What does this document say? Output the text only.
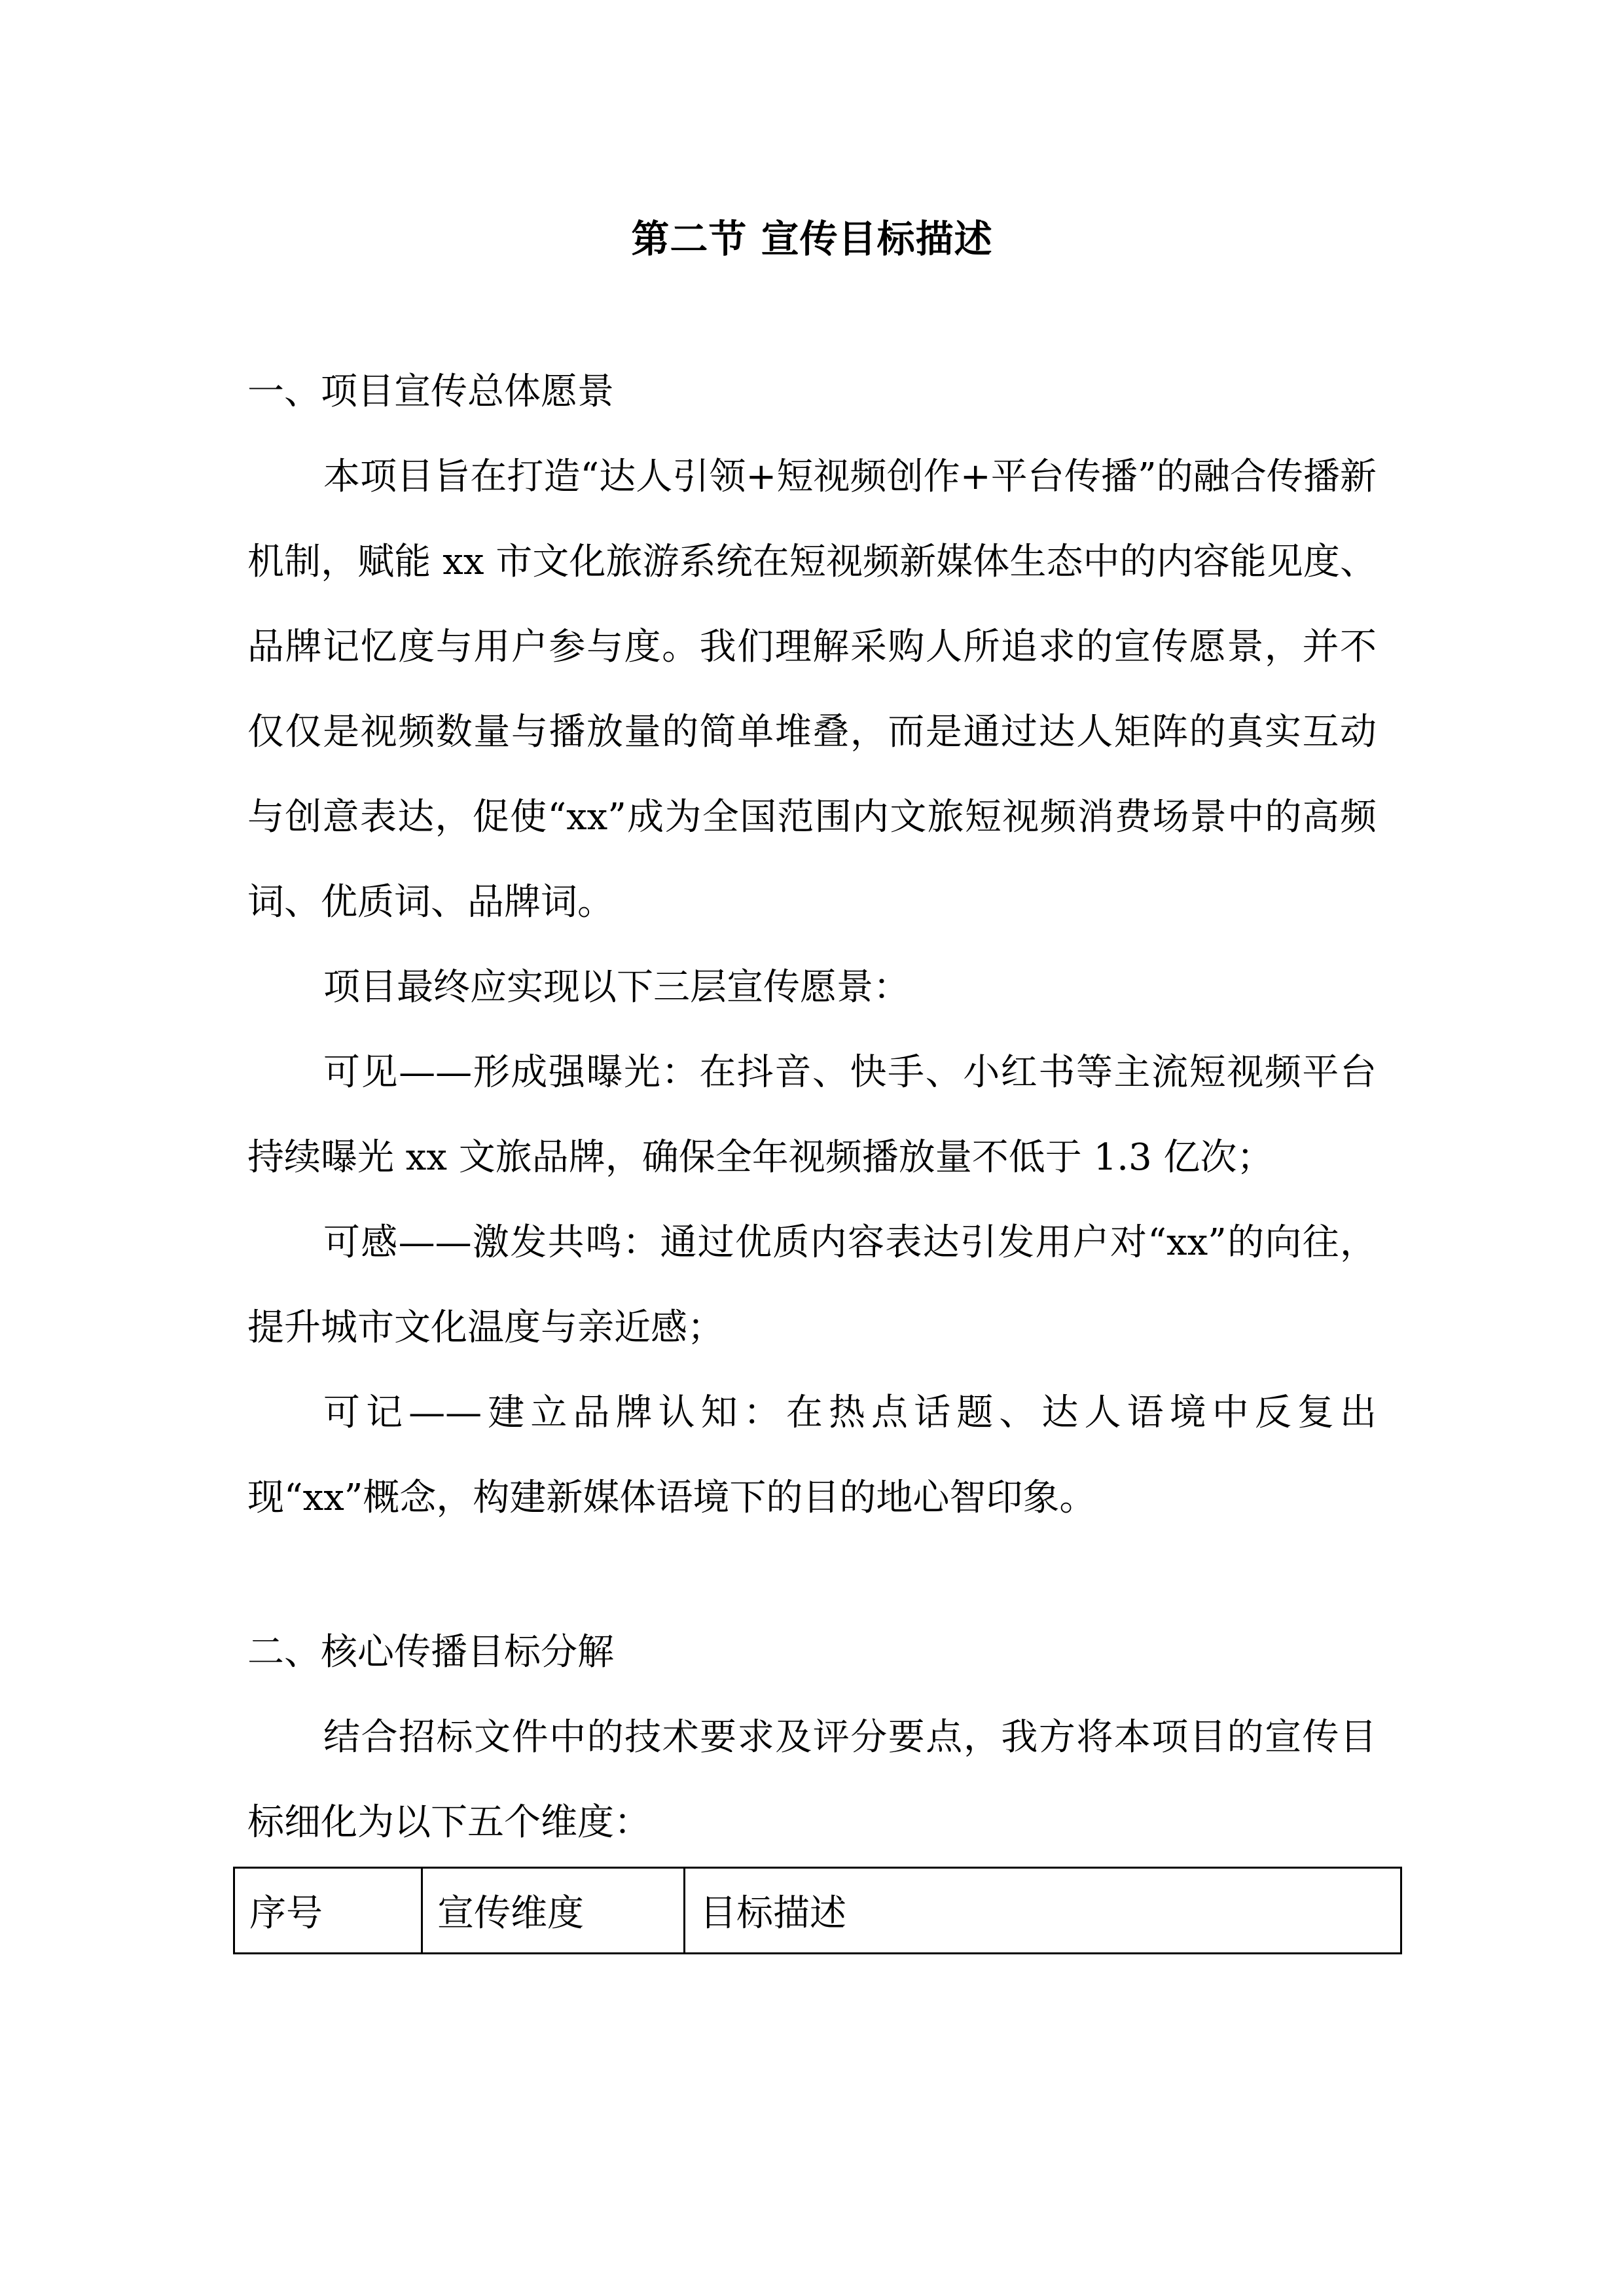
第二节 宣传目标描述
一、项目宣传总体愿景

本项目旨在打造“达人引领+短视频创作+平台传播”的融合传播新机制，赋能 xx 市文化旅游系统在短视频新媒体生态中的内容能见度、品牌记忆度与用户参与度。我们理解采购人所追求的宣传愿景，并不仅仅是视频数量与播放量的简单堆叠，而是通过达人矩阵的真实互动与创意表达，促使“xx”成为全国范围内文旅短视频消费场景中的高频词、优质词、品牌词。

项目最终应实现以下三层宣传愿景：

可见——形成强曝光：在抖音、快手、小红书等主流短视频平台持续曝光 xx 文旅品牌，确保全年视频播放量不低于 1.3 亿次；

可感——激发共鸣：通过优质内容表达引发用户对“xx”的向往，提升城市文化温度与亲近感；

可记——建立品牌认知：在热点话题、达人语境中反复出现“xx”概念，构建新媒体语境下的目的地心智印象。

二、核心传播目标分解

结合招标文件中的技术要求及评分要点，我方将本项目的宣传目标细化为以下五个维度：

序号	宣传维度	目标描述
